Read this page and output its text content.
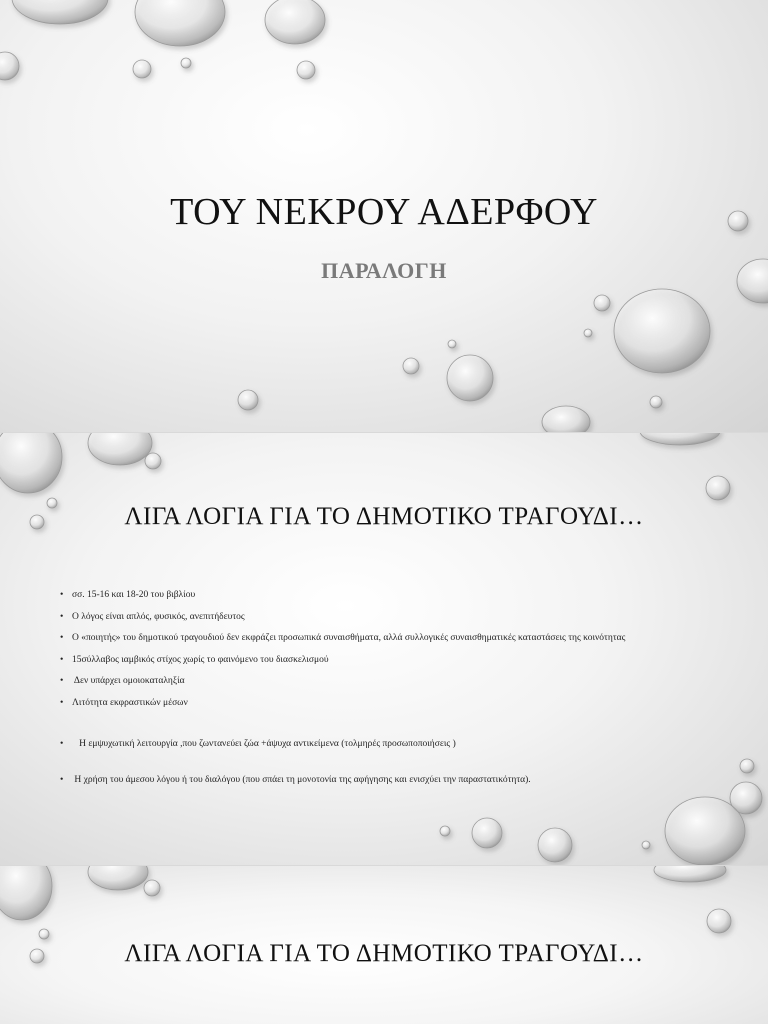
ΤΟΥ ΝΕΚΡΟΥ ΑΔΕΡΦΟΥ
ΠΑΡΑΛΟΓΗ
ΛΙΓΑ ΛΟΓΙΑ ΓΙΑ ΤΟ ΔΗΜΟΤΙΚΟ ΤΡΑΓΟΥΔΙ…
• σσ. 15-16 και 18-20 του βιβλίου
• Ο λόγος είναι απλός, φυσικός, ανεπιτήδευτος
• Ο «ποιητής» του δημοτικού τραγουδιού δεν εκφράζει προσωπικά συναισθήματα, αλλά συλλογικές συναισθηματικές καταστάσεις της κοινότητας
• 15σύλλαβος ιαμβικός στίχος χωρίς το φαινόμενο του διασκελισμού
•  Δεν υπάρχει ομοιοκαταληξία
• Λιτότητα εκφραστικών μέσων
•    Η εμψυχωτική λειτουργία ,που ζωντανεύει ζώα +άψυχα αντικείμενα (τολμηρές προσωποποιήσεις )
•  Η χρήση του άμεσου λόγου ή του διαλόγου (που σπάει τη μονοτονία της αφήγησης και ενισχύει την παραστατικότητα).
ΛΙΓΑ ΛΟΓΙΑ ΓΙΑ ΤΟ ΔΗΜΟΤΙΚΟ ΤΡΑΓΟΥΔΙ…
